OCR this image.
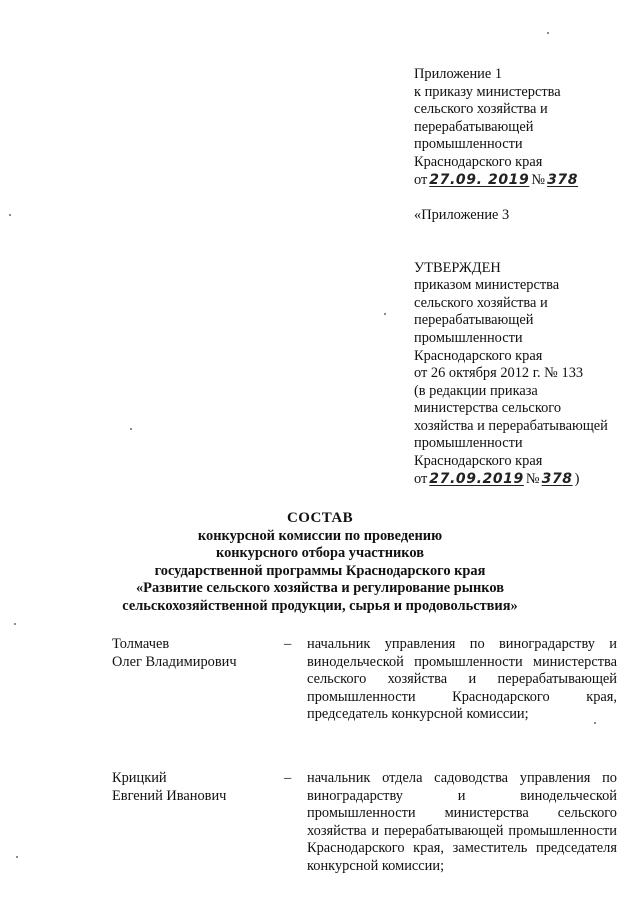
Приложение 1
к приказу министерства
сельского хозяйства и
перерабатывающей
промышленности
Краснодарского края
от 27.09. 2019 № 378
«Приложение 3
УТВЕРЖДЕН
приказом министерства
сельского хозяйства и
перерабатывающей
промышленности
Краснодарского края
от 26 октября 2012 г. № 133
(в редакции приказа
министерства сельского
хозяйства и перерабатывающей
промышленности
Краснодарского края
от 27.09.2019 № 378 )
СОСТАВ
конкурсной комиссии по проведению
конкурсного отбора участников
государственной программы Краснодарского края
«Развитие сельского хозяйства и регулирование рынков
сельскохозяйственной продукции, сырья и продовольствия»
Толмачев
Олег Владимирович
– начальник управления по виноградарству и винодельческой промышленности министерства сельского хозяйства и перерабатывающей промышленности Краснодарского края, председатель конкурсной комиссии;
Крицкий
Евгений Иванович
– начальник отдела садоводства управления по виноградарству и винодельческой промышленности министерства сельского хозяйства и перерабатывающей промышленности Краснодарского края, заместитель председателя конкурсной комиссии;
